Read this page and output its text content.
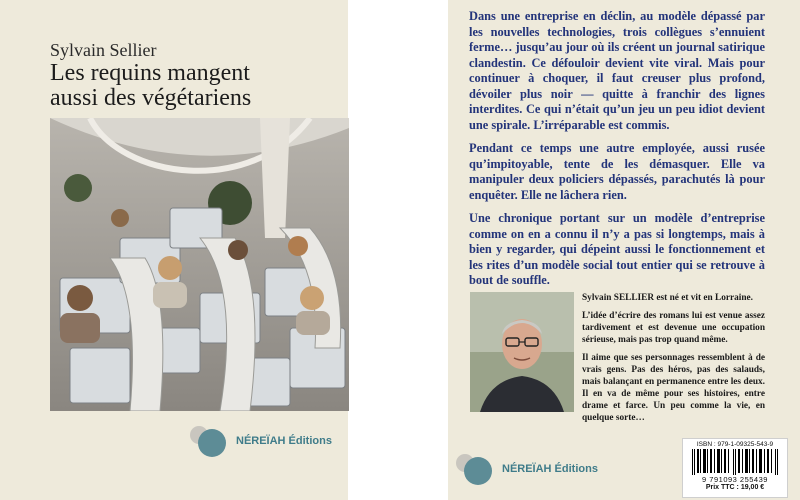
Sylvain Sellier
Les requins mangent
aussi des végétariens
NÉREÏAH Éditions

Dans une entreprise en déclin, au modèle dépassé par les nouvelles technologies, trois collègues s’ennuient ferme… jusqu’au jour où ils créent un journal satirique clandestin. Ce défouloir devient vite viral. Mais pour continuer à choquer, il faut creuser plus profond, dévoiler plus noir — quitte à franchir des lignes interdites. Ce qui n’était qu’un jeu un peu idiot devient une spirale. L’irréparable est commis.

Pendant ce temps une autre employée, aussi rusée qu’impitoyable, tente de les démasquer. Elle va manipuler deux policiers dépassés, parachutés là pour enquêter. Elle ne lâchera rien.

Une chronique portant sur un modèle d’entreprise comme on en a connu il n’y a pas si longtemps, mais à bien y regarder, qui dépeint aussi le fonctionnement et les rites d’un modèle social tout entier qui se retrouve à bout de souffle.

Sylvain SELLIER est né et vit en Lorraine.

L’idée d’écrire des romans lui est venue assez tardivement et est devenue une occupation sérieuse, mais pas trop quand même.

Il aime que ses personnages ressemblent à de vrais gens. Pas des héros, pas des salauds, mais balançant en permanence entre les deux. Il en va de même pour ses histoires, entre drame et farce. Un peu comme la vie, en quelque sorte…

NÉREÏAH Éditions
ISBN : 979-1-09325-543-9
9 791093 255439
Prix TTC : 19,00 €
